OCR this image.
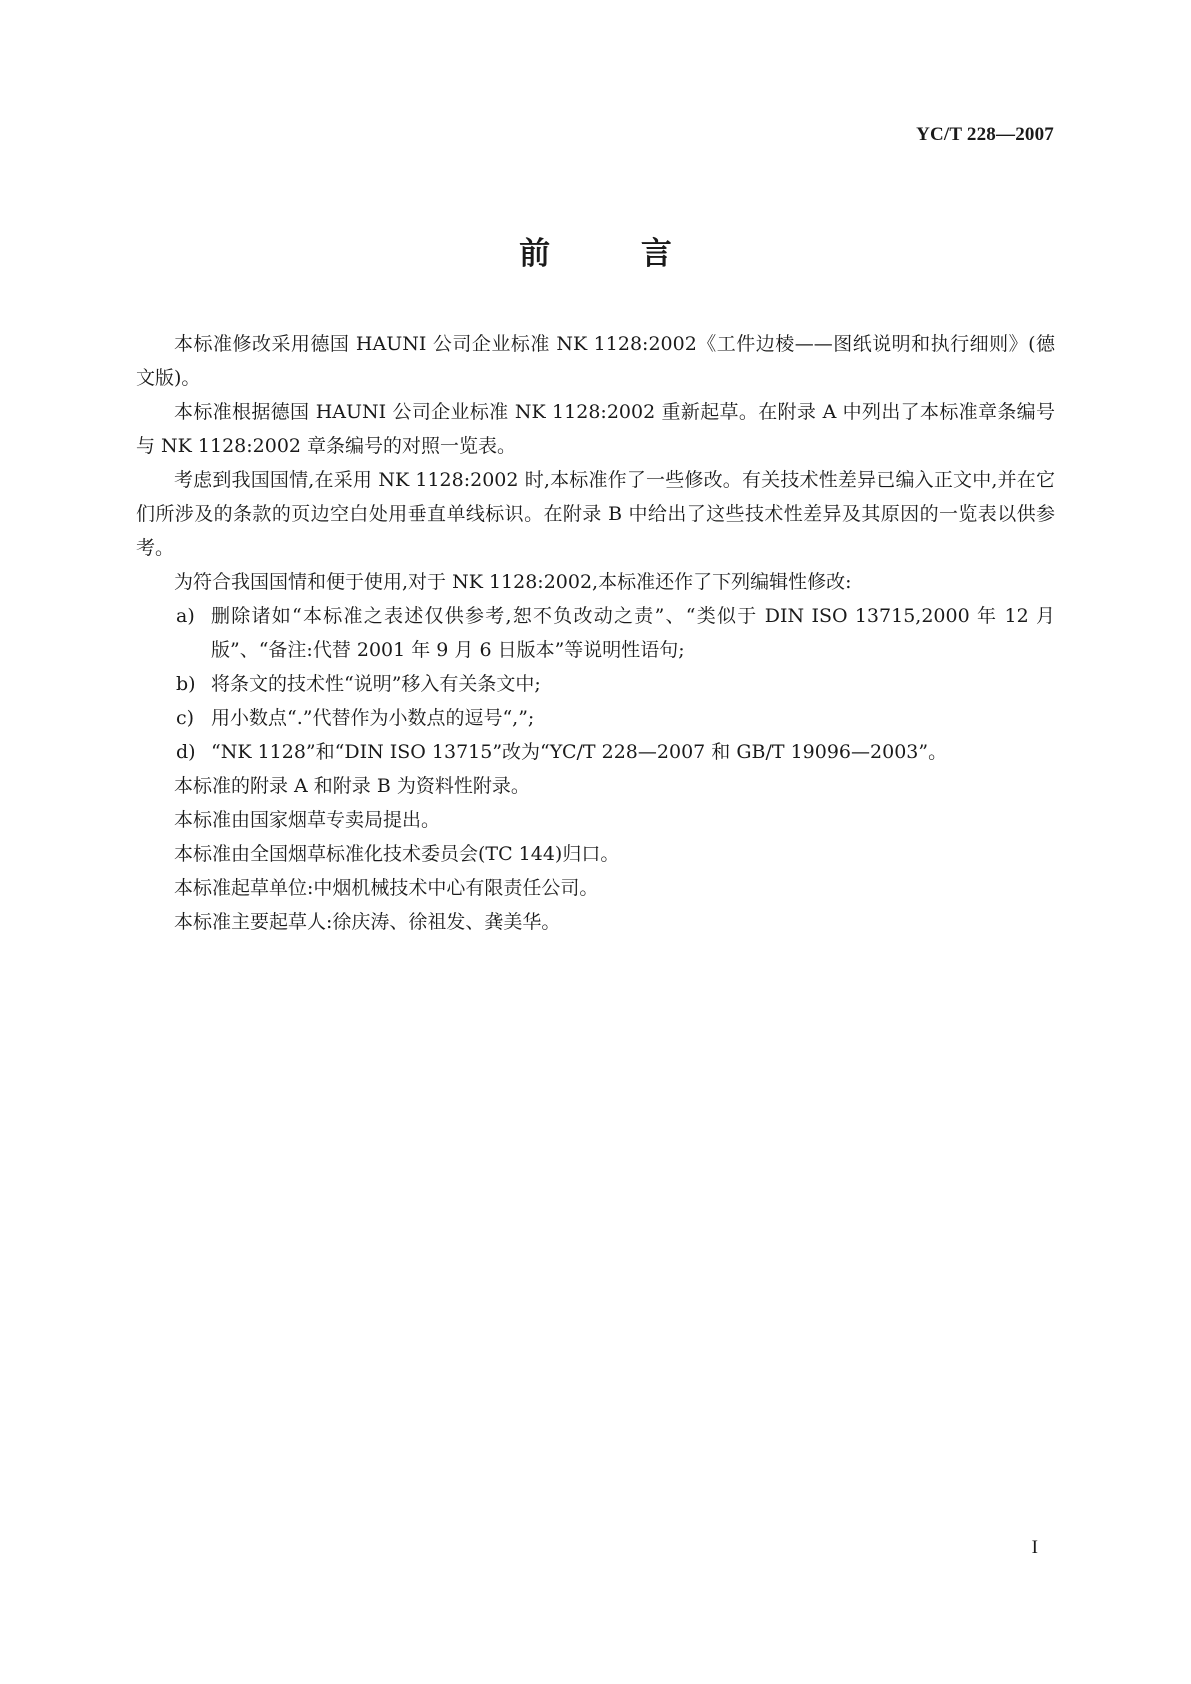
YC/T 228—2007
前 言

本标准修改采用德国 HAUNI 公司企业标准 NK 1128:2002《工件边棱——图纸说明和执行细则》(德文版)。

本标准根据德国 HAUNI 公司企业标准 NK 1128:2002 重新起草。在附录 A 中列出了本标准章条编号与 NK 1128:2002 章条编号的对照一览表。

考虑到我国国情,在采用 NK 1128:2002 时,本标准作了一些修改。有关技术性差异已编入正文中,并在它们所涉及的条款的页边空白处用垂直单线标识。在附录 B 中给出了这些技术性差异及其原因的一览表以供参考。

为符合我国国情和便于使用,对于 NK 1128:2002,本标准还作了下列编辑性修改:

a) 删除诸如“本标准之表述仅供参考,恕不负改动之责”、“类似于 DIN ISO 13715,2000 年 12 月版”、“备注:代替 2001 年 9 月 6 日版本”等说明性语句;
b) 将条文的技术性“说明”移入有关条文中;
c) 用小数点“.”代替作为小数点的逗号“,”;
d) “NK 1128”和“DIN ISO 13715”改为“YC/T 228—2007 和 GB/T 19096—2003”。

本标准的附录 A 和附录 B 为资料性附录。

本标准由国家烟草专卖局提出。

本标准由全国烟草标准化技术委员会(TC 144)归口。

本标准起草单位:中烟机械技术中心有限责任公司。

本标准主要起草人:徐庆涛、徐祖发、龚美华。

I
